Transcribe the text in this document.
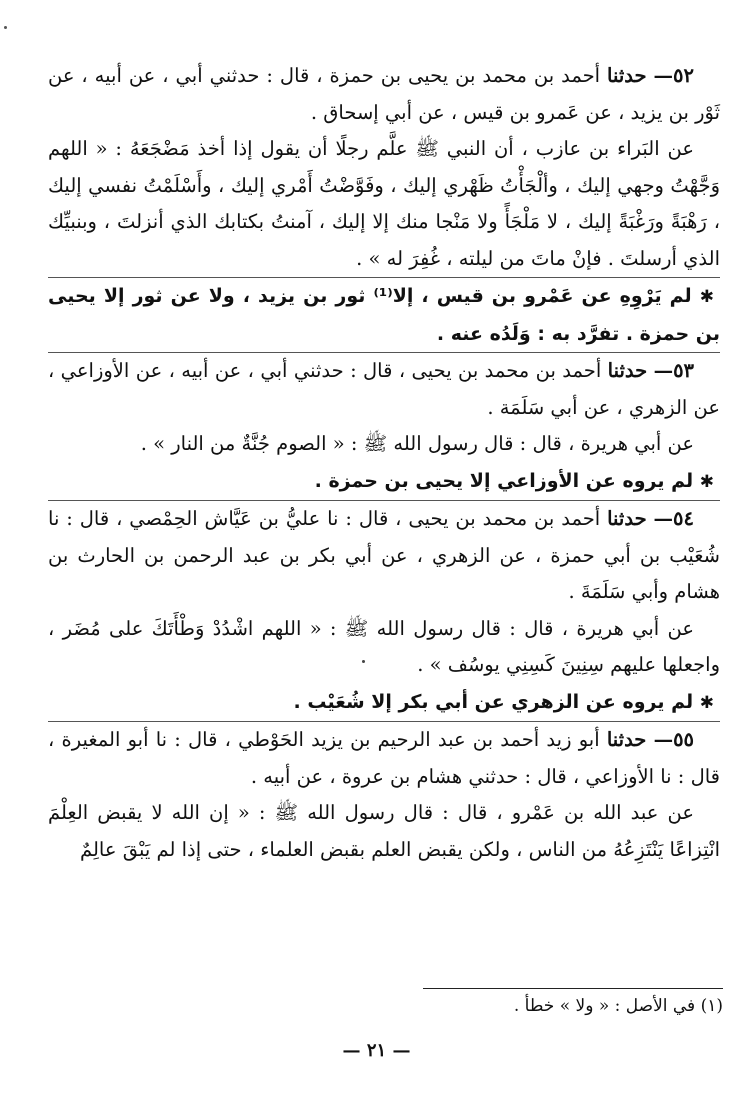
٥٢— حدثنا أحمد بن محمد بن يحيى بن حمزة ، قال : حدثني أبي ، عن أبيه ، عن ثَوْر بن يزيد ، عن عَمرو بن قيس ، عن أبي إسحاق .

عن البَراء بن عازب ، أن النبي ﷺ علَّم رجلًا أن يقول إذا أخذ مَضْجَعَهُ : « اللهم وَجَّهْتُ وجهي إليك ، وألْجَأْتُ ظَهْري إليك ، وفَوَّضْتُ أَمْري إليك ، وأَسْلَمْتُ نفسي إليك ، رَهْبَةً ورَغْبَةً إليك ، لا مَلْجَأً ولا مَنْجا منك إلا إليك ، آمنتُ بكتابك الذي أنزلتَ ، وبنبيِّك الذي أرسلتَ . فإنْ ماتَ من ليلته ، غُفِرَ له » .

✱ لم يَرْوِهِ عن عَمْرو بن قيس ، إلا⁽¹⁾ ثور بن يزيد ، ولا عن ثور إلا يحيى بن حمزة . تفرَّد به : وَلَدُه عنه .

٥٣— حدثنا أحمد بن محمد بن يحيى ، قال : حدثني أبي ، عن أبيه ، عن الأوزاعي ، عن الزهري ، عن أبي سَلَمَة .

عن أبي هريرة ، قال : قال رسول الله ﷺ : « الصوم جُنَّةٌ من النار » .

✱ لم يروه عن الأوزاعي إلا يحيى بن حمزة .

٥٤— حدثنا أحمد بن محمد بن يحيى ، قال : نا عليُّ بن عَيَّاش الحِمْصي ، قال : نا شُعَيْب بن أبي حمزة ، عن الزهري ، عن أبي بكر بن عبد الرحمن بن الحارث بن هشام وأبي سَلَمَةَ .

عن أبي هريرة ، قال : قال رسول الله ﷺ : « اللهم اشْدُدْ وَطْأَتَكَ على مُضَر ، واجعلها عليهم سِنِينَ كَسِنِي يوسُف » .

✱ لم يروه عن الزهري عن أبي بكر إلا شُعَيْب .

٥٥— حدثنا أبو زيد أحمد بن عبد الرحيم بن يزيد الحَوْطي ، قال : نا أبو المغيرة ، قال : نا الأوزاعي ، قال : حدثني هشام بن عروة ، عن أبيه .

عن عبد الله بن عَمْرو ، قال : قال رسول الله ﷺ : « إن الله لا يقبض العِلْمَ انْتِزاعًا يَنْتَزِعُهُ من الناس ، ولكن يقبض العلم بقبض العلماء ، حتى إذا لم يَبْقَ عالِمٌ

(١) في الأصل : « ولا » خطأ .
— ٢١ —
